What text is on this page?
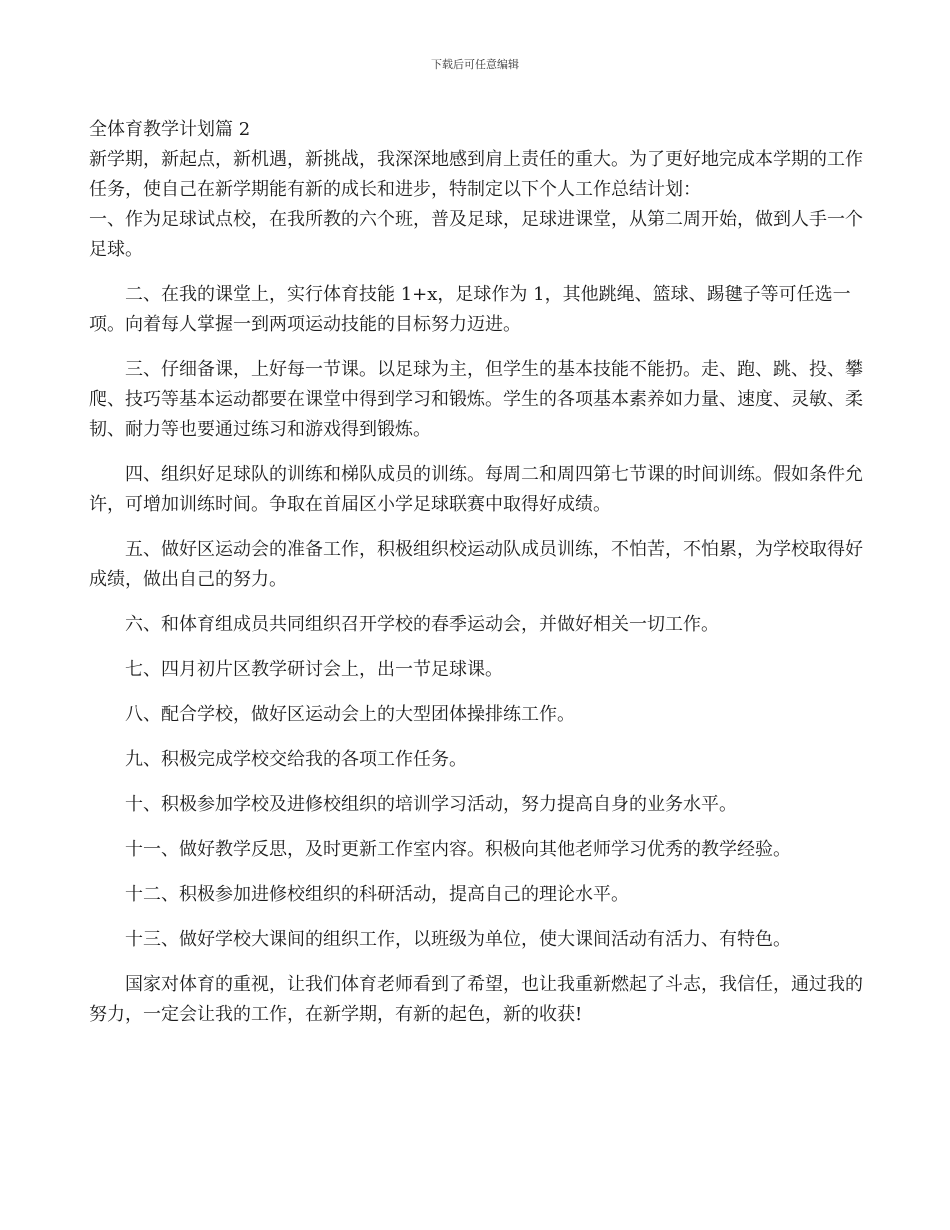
下载后可任意编辑

全体育教学计划篇 2

新学期，新起点，新机遇，新挑战，我深深地感到肩上责任的重大。为了更好地完成本学期的工作任务，使自己在新学期能有新的成长和进步，特制定以下个人工作总结计划：

一、作为足球试点校，在我所教的六个班，普及足球，足球进课堂，从第二周开始，做到人手一个足球。

二、在我的课堂上，实行体育技能 1+x，足球作为 1，其他跳绳、篮球、踢毽子等可任选一项。向着每人掌握一到两项运动技能的目标努力迈进。

三、仔细备课，上好每一节课。以足球为主，但学生的基本技能不能扔。走、跑、跳、投、攀爬、技巧等基本运动都要在课堂中得到学习和锻炼。学生的各项基本素养如力量、速度、灵敏、柔韧、耐力等也要通过练习和游戏得到锻炼。

四、组织好足球队的训练和梯队成员的训练。每周二和周四第七节课的时间训练。假如条件允许，可增加训练时间。争取在首届区小学足球联赛中取得好成绩。

五、做好区运动会的准备工作，积极组织校运动队成员训练，不怕苦，不怕累，为学校取得好成绩，做出自己的努力。

六、和体育组成员共同组织召开学校的春季运动会，并做好相关一切工作。

七、四月初片区教学研讨会上，出一节足球课。

八、配合学校，做好区运动会上的大型团体操排练工作。

九、积极完成学校交给我的各项工作任务。

十、积极参加学校及进修校组织的培训学习活动，努力提高自身的业务水平。

十一、做好教学反思，及时更新工作室内容。积极向其他老师学习优秀的教学经验。

十二、积极参加进修校组织的科研活动，提高自己的理论水平。

十三、做好学校大课间的组织工作，以班级为单位，使大课间活动有活力、有特色。

国家对体育的重视，让我们体育老师看到了希望，也让我重新燃起了斗志，我信任，通过我的努力，一定会让我的工作，在新学期，有新的起色，新的收获!
